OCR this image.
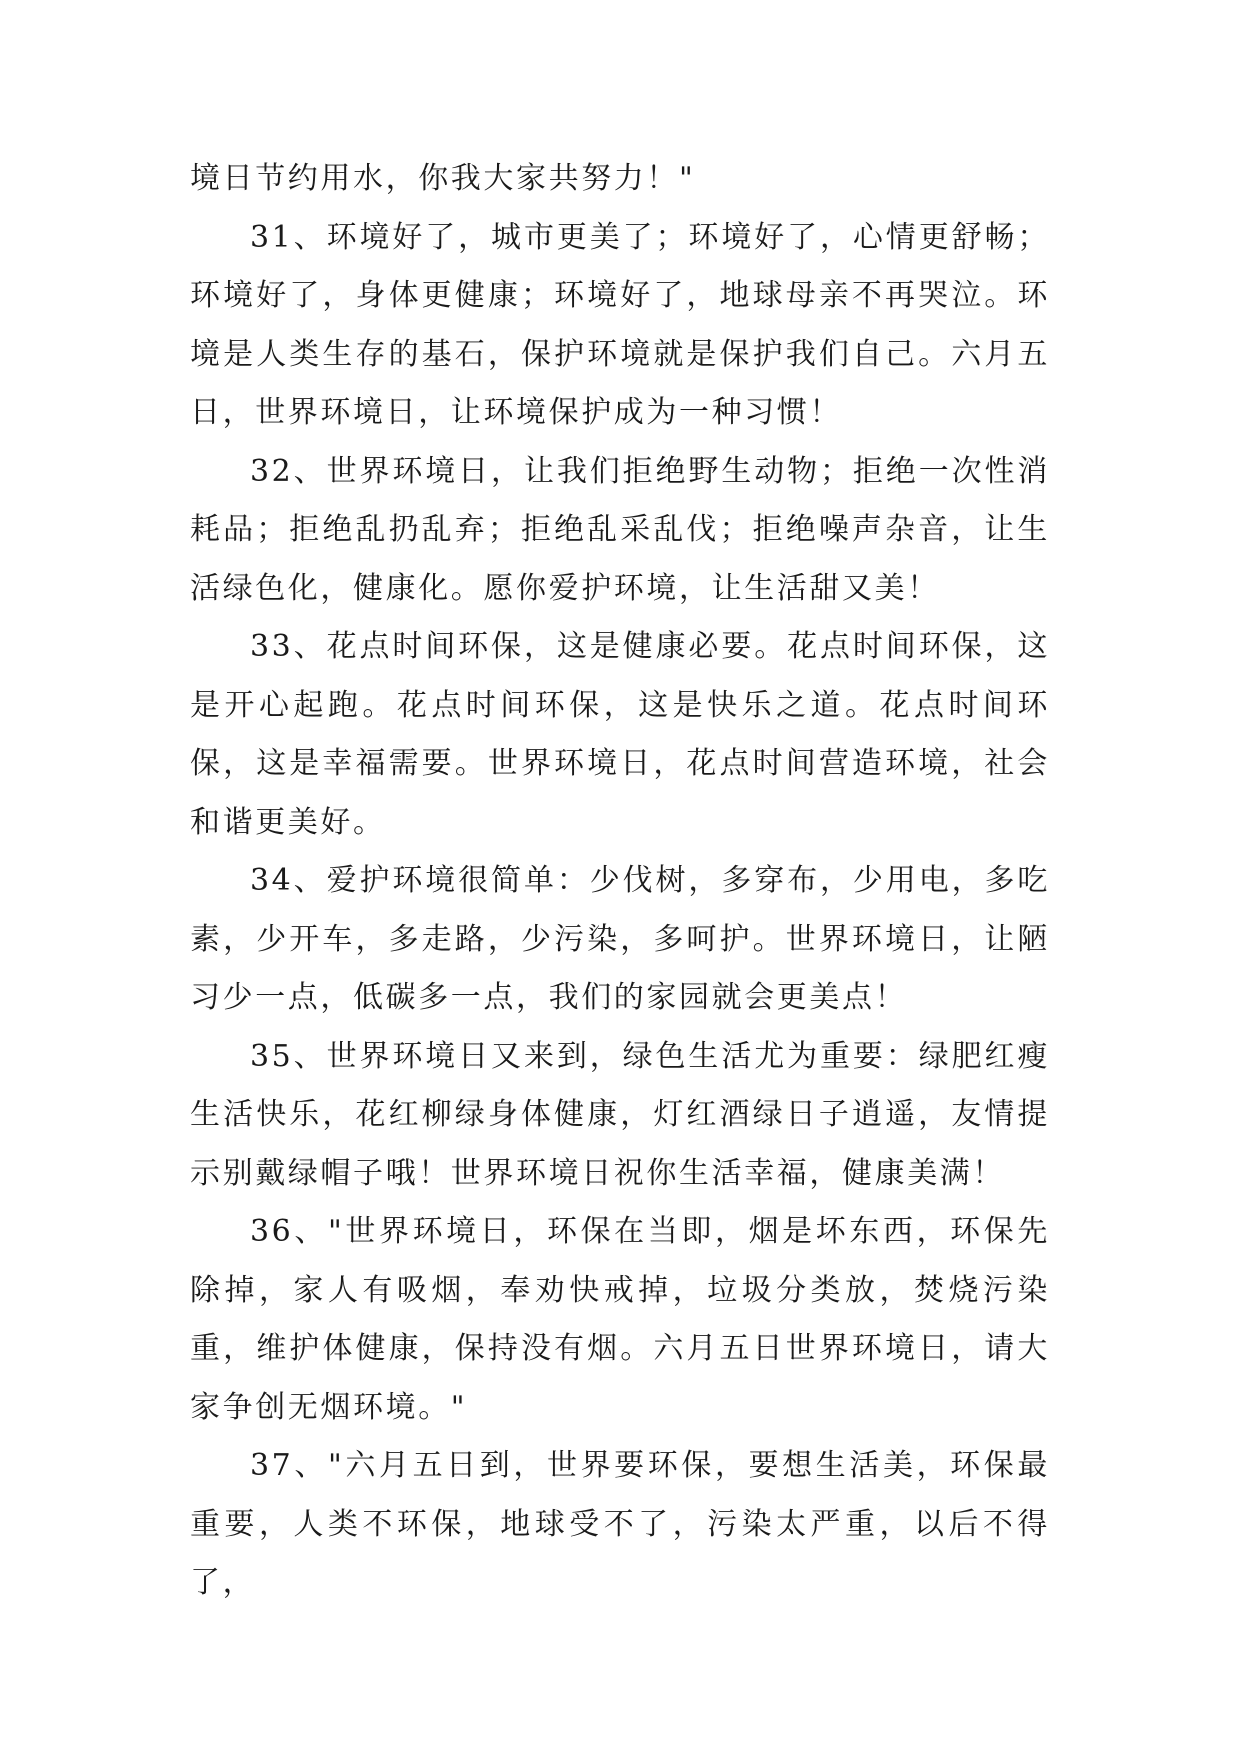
境日节约用水，你我大家共努力！"

31、环境好了，城市更美了；环境好了，心情更舒畅；环境好了，身体更健康；环境好了，地球母亲不再哭泣。环境是人类生存的基石，保护环境就是保护我们自己。六月五日，世界环境日，让环境保护成为一种习惯！

32、世界环境日，让我们拒绝野生动物；拒绝一次性消耗品；拒绝乱扔乱弃；拒绝乱采乱伐；拒绝噪声杂音，让生活绿色化，健康化。愿你爱护环境，让生活甜又美！

33、花点时间环保，这是健康必要。花点时间环保，这是开心起跑。花点时间环保，这是快乐之道。花点时间环保，这是幸福需要。世界环境日，花点时间营造环境，社会和谐更美好。

34、爱护环境很简单：少伐树，多穿布，少用电，多吃素，少开车，多走路，少污染，多呵护。世界环境日，让陋习少一点，低碳多一点，我们的家园就会更美点！

35、世界环境日又来到，绿色生活尤为重要：绿肥红瘦生活快乐，花红柳绿身体健康，灯红酒绿日子逍遥，友情提示别戴绿帽子哦！世界环境日祝你生活幸福，健康美满！

36、"世界环境日，环保在当即，烟是坏东西，环保先除掉，家人有吸烟，奉劝快戒掉，垃圾分类放，焚烧污染重，维护体健康，保持没有烟。六月五日世界环境日，请大家争创无烟环境。"

37、"六月五日到，世界要环保，要想生活美，环保最重要，人类不环保，地球受不了，污染太严重，以后不得了，
